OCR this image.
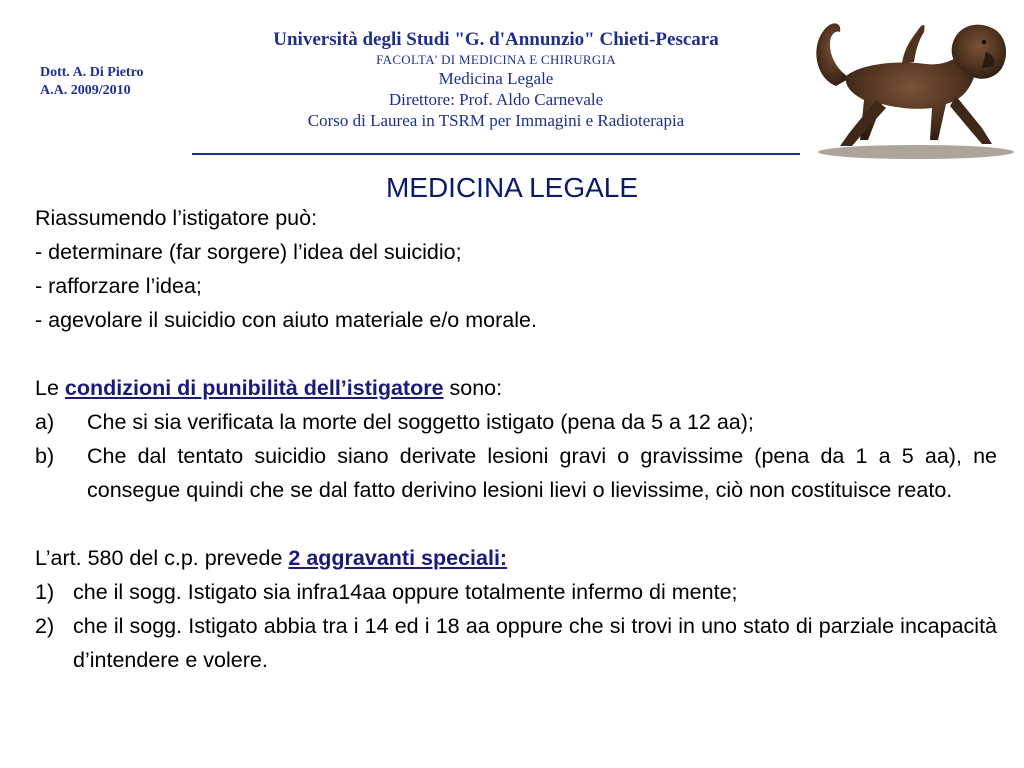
Dott. A. Di Pietro
A.A. 2009/2010
Università degli Studi "G. d'Annunzio" Chieti-Pescara
FACOLTA' DI MEDICINA E CHIRURGIA
Medicina Legale
Direttore: Prof. Aldo Carnevale
Corso di Laurea in TSRM per Immagini e Radioterapia
MEDICINA LEGALE

Riassumendo l’istigatore può:

- determinare (far sorgere) l’idea del suicidio;

- rafforzare l’idea;

- agevolare il suicidio con aiuto materiale e/o morale.

Le condizioni di punibilità dell’istigatore sono:

a)	Che si sia verificata la morte del soggetto istigato (pena da 5 a 12 aa);
b)	Che dal tentato suicidio siano derivate lesioni gravi o gravissime (pena da 1 a 5 aa), ne consegue quindi che se dal fatto derivino lesioni lievi o lievissime, ciò non costituisce reato.

L’art. 580 del c.p. prevede 2 aggravanti speciali:

1) che il sogg. Istigato sia infra14aa oppure totalmente infermo di mente;
2) che il sogg. Istigato abbia tra i 14 ed i 18 aa oppure che si trovi in uno stato di parziale incapacità d’intendere e volere.
